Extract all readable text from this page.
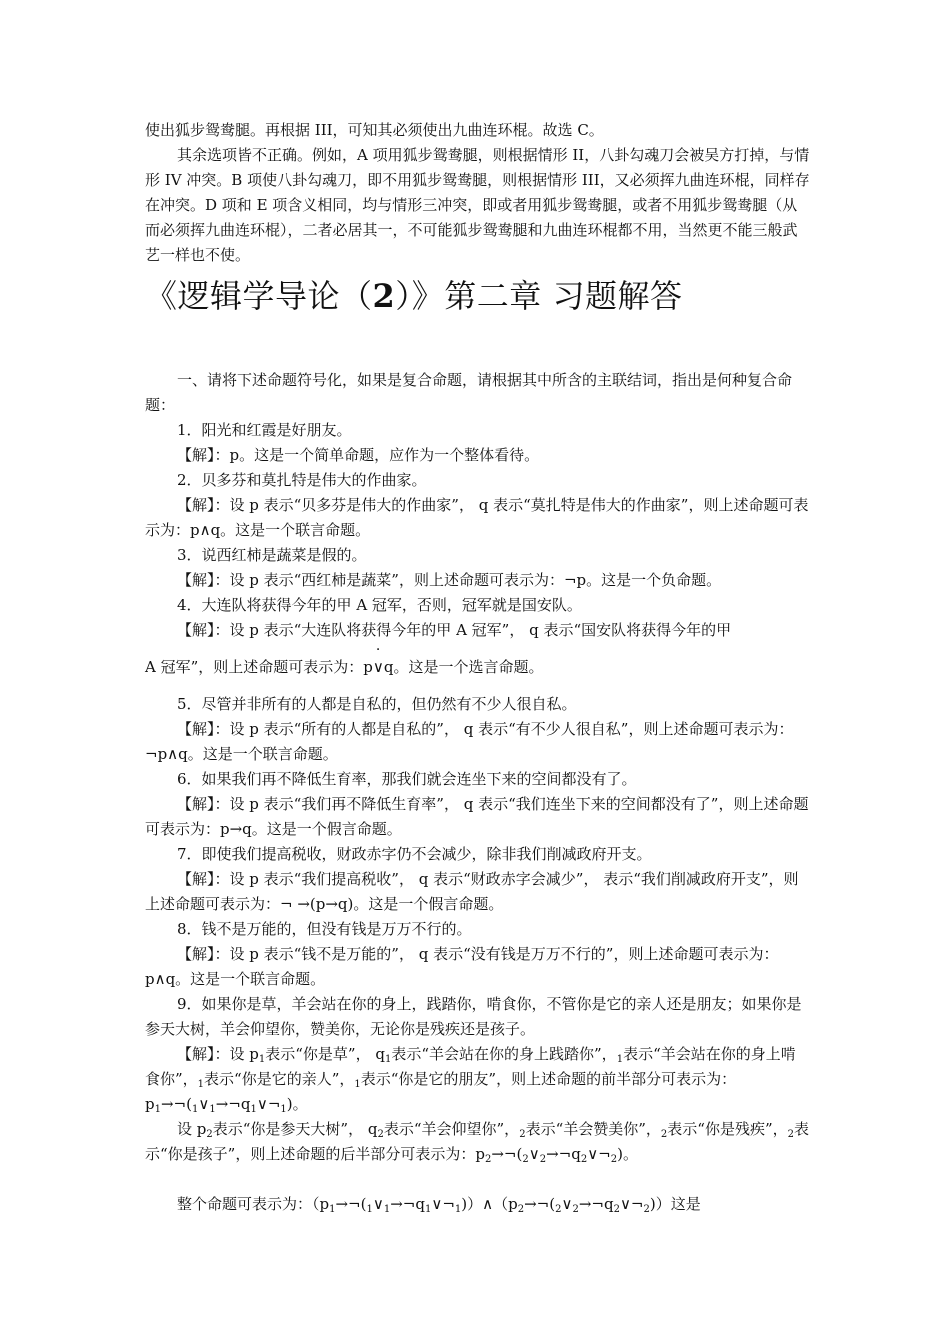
使出狐步鸳鸯腿。再根据 III，可知其必须使出九曲连环棍。故选 C。

其余选项皆不正确。例如，A 项用狐步鸳鸯腿，则根据情形 II，八卦勾魂刀会被吴方打掉，与情形 IV 冲突。B 项使八卦勾魂刀，即不用狐步鸳鸯腿，则根据情形 III，又必须挥九曲连环棍，同样存在冲突。D 项和 E 项含义相同，均与情形三冲突，即或者用狐步鸳鸯腿，或者不用狐步鸳鸯腿（从而必须挥九曲连环棍），二者必居其一，不可能狐步鸳鸯腿和九曲连环棍都不用，当然更不能三般武艺一样也不使。

《逻辑学导论（2）》第二章 习题解答

一、请将下述命题符号化，如果是复合命题，请根据其中所含的主联结词，指出是何种复合命题：

1．阳光和红霞是好朋友。

【解】：p。这是一个简单命题，应作为一个整体看待。

2．贝多芬和莫扎特是伟大的作曲家。

【解】：设 p 表示“贝多芬是伟大的作曲家”， q 表示“莫扎特是伟大的作曲家”，则上述命题可表示为：p∧q。这是一个联言命题。

3．说西红柿是蔬菜是假的。

【解】：设 p 表示“西红柿是蔬菜”，则上述命题可表示为：¬p。这是一个负命题。

4．大连队将获得今年的甲 A 冠军，否则，冠军就是国安队。

【解】：设 p 表示“大连队将获得今年的甲 A 冠军”， q 表示“国安队将获得今年的甲

A 冠军”，则上述命题可表示为：p
·
∨q。这是一个选言命题。

5．尽管并非所有的人都是自私的，但仍然有不少人很自私。

【解】：设 p 表示“所有的人都是自私的”， q 表示“有不少人很自私”，则上述命题可表示为：¬p∧q。这是一个联言命题。

6．如果我们再不降低生育率，那我们就会连坐下来的空间都没有了。

【解】：设 p 表示“我们再不降低生育率”， q 表示“我们连坐下来的空间都没有了”，则上述命题可表示为：p→q。这是一个假言命题。

7．即使我们提高税收，财政赤字仍不会减少，除非我们削减政府开支。

【解】：设 p 表示“我们提高税收”， q 表示“财政赤字会减少”， 表示“我们削减政府开支”，则上述命题可表示为：¬ →(p→q)。这是一个假言命题。

8．钱不是万能的，但没有钱是万万不行的。

【解】：设 p 表示“钱不是万能的”， q 表示“没有钱是万万不行的”，则上述命题可表示为：p∧q。这是一个联言命题。

9．如果你是草，羊会站在你的身上，践踏你，啃食你，不管你是它的亲人还是朋友；如果你是参天大树，羊会仰望你，赞美你，无论你是残疾还是孩子。

【解】：设 $p_1$表示“你是草”， $q_1$表示“羊会站在你的身上践踏你”，$_1$表示“羊会站在你的身上啃食你”，$_1$表示“你是它的亲人”，$_1$表示“你是它的朋友”，则上述命题的前半部分可表示为：$p_1\to\neg(_1\vee_1\to\neg q_1\vee\neg_1)$。

设 $p_2$表示“你是参天大树”， $q_2$表示“羊会仰望你”，$_2$表示“羊会赞美你”，$_2$表示“你是残疾”，$_2$表示“你是孩子”，则上述命题的后半部分可表示为：$p_2\to\neg(_2\vee_2\to\neg q_2\vee\neg_2)$。

整个命题可表示为：$(p_1\to\neg(_1\vee_1\to\neg q_1\vee\neg_1))\wedge(p_2\to\neg(_2\vee_2\to\neg q_2\vee\neg_2))$这是
